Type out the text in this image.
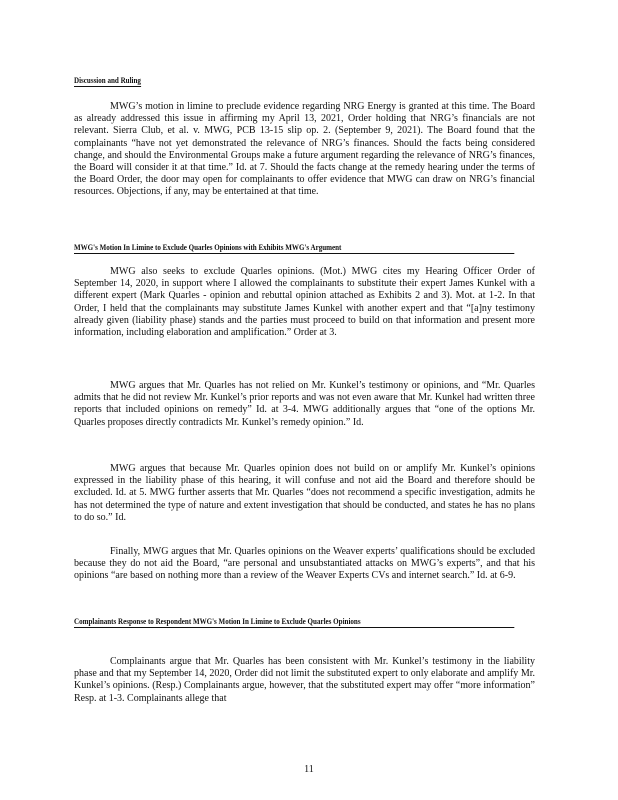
Discussion and Ruling

MWG’s motion in limine to preclude evidence regarding NRG Energy is granted at this time. The Board as already addressed this issue in affirming my April 13, 2021, Order holding that NRG’s financials are not relevant. Sierra Club, et al. v. MWG, PCB 13-15 slip op. 2. (September 9, 2021). The Board found that the complainants “have not yet demonstrated the relevance of NRG’s finances. Should the facts being considered change, and should the Environmental Groups make a future argument regarding the relevance of NRG’s finances, the Board will consider it at that time.” Id. at 7. Should the facts change at the remedy hearing under the terms of the Board Order, the door may open for complainants to offer evidence that MWG can draw on NRG’s financial resources. Objections, if any, may be entertained at that time.

MWG's Motion In Limine to Exclude Quarles Opinions with Exhibits MWG's Argument

MWG also seeks to exclude Quarles opinions. (Mot.) MWG cites my Hearing Officer Order of September 14, 2020, in support where I allowed the complainants to substitute their expert James Kunkel with a different expert (Mark Quarles - opinion and rebuttal opinion attached as Exhibits 2 and 3). Mot. at 1-2. In that Order, I held that the complainants may substitute James Kunkel with another expert and that “[a]ny testimony already given (liability phase) stands and the parties must proceed to build on that information and present more information, including elaboration and amplification.” Order at 3.

MWG argues that Mr. Quarles has not relied on Mr. Kunkel’s testimony or opinions, and “Mr. Quarles admits that he did not review Mr. Kunkel’s prior reports and was not even aware that Mr. Kunkel had written three reports that included opinions on remedy” Id. at 3-4. MWG additionally argues that “one of the options Mr. Quarles proposes directly contradicts Mr. Kunkel’s remedy opinion.” Id.

MWG argues that because Mr. Quarles opinion does not build on or amplify Mr. Kunkel’s opinions expressed in the liability phase of this hearing, it will confuse and not aid the Board and therefore should be excluded. Id. at 5. MWG further asserts that Mr. Quarles “does not recommend a specific investigation, admits he has not determined the type of nature and extent investigation that should be conducted, and states he has no plans to do so.” Id.

Finally, MWG argues that Mr. Quarles opinions on the Weaver experts’ qualifications should be excluded because they do not aid the Board, “are personal and unsubstantiated attacks on MWG’s experts”, and that his opinions “are based on nothing more than a review of the Weaver Experts CVs and internet search.” Id. at 6-9.

Complainants Response to Respondent MWG's Motion In Limine to Exclude Quarles Opinions

Complainants argue that Mr. Quarles has been consistent with Mr. Kunkel’s testimony in the liability phase and that my September 14, 2020, Order did not limit the substituted expert to only elaborate and amplify Mr. Kunkel’s opinions. (Resp.) Complainants argue, however, that the substituted expert may offer “more information” Resp. at 1-3. Complainants allege that

11
